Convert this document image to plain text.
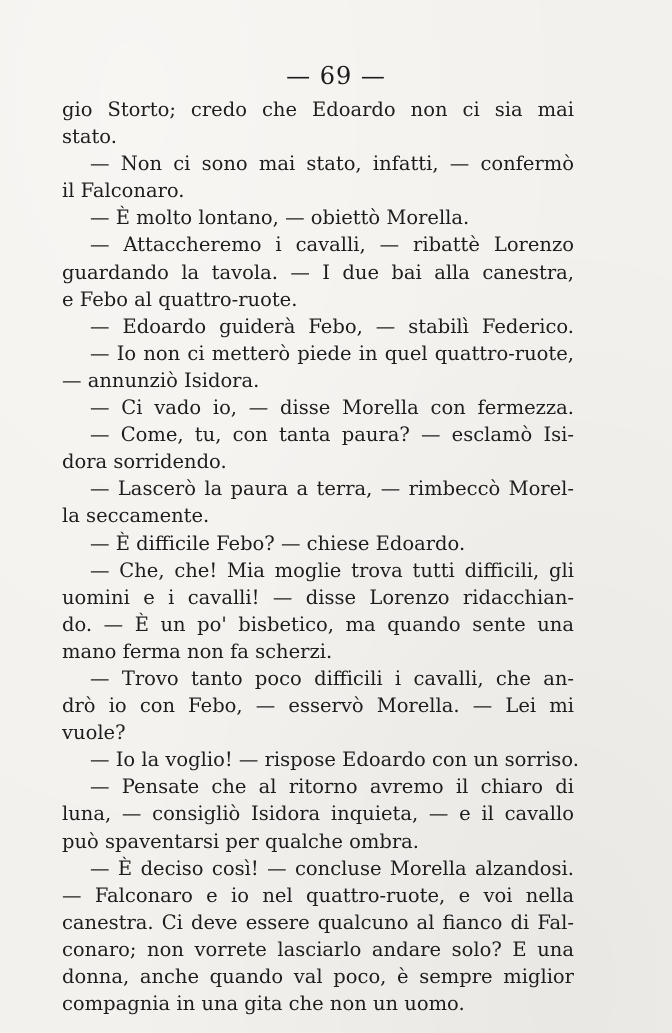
— 69 —
gio Storto; credo che Edoardo non ci sia mai
stato.
— Non ci sono mai stato, infatti, — confermò
il Falconaro.
— È molto lontano, — obiettò Morella.
— Attaccheremo i cavalli, — ribattè Lorenzo
guardando la tavola. — I due bai alla canestra,
e Febo al quattro-ruote.
— Edoardo guiderà Febo, — stabilì Federico.
— Io non ci metterò piede in quel quattro-ruote,
— annunziò Isidora.
— Ci vado io, — disse Morella con fermezza.
— Come, tu, con tanta paura? — esclamò Isi-
dora sorridendo.
— Lascerò la paura a terra, — rimbeccò Morel-
la seccamente.
— È difficile Febo? — chiese Edoardo.
— Che, che! Mia moglie trova tutti difficili, gli
uomini e i cavalli! — disse Lorenzo ridacchian-
do. — È un po' bisbetico, ma quando sente una
mano ferma non fa scherzi.
— Trovo tanto poco difficili i cavalli, che an-
drò io con Febo, — esservò Morella. — Lei mi
vuole?
— Io la voglio! — rispose Edoardo con un sorriso.
— Pensate che al ritorno avremo il chiaro di
luna, — consigliò Isidora inquieta, — e il cavallo
può spaventarsi per qualche ombra.
— È deciso così! — concluse Morella alzandosi.
— Falconaro e io nel quattro-ruote, e voi nella
canestra. Ci deve essere qualcuno al fianco di Fal-
conaro; non vorrete lasciarlo andare solo? E una
donna, anche quando val poco, è sempre miglior
compagnia in una gita che non un uomo.
